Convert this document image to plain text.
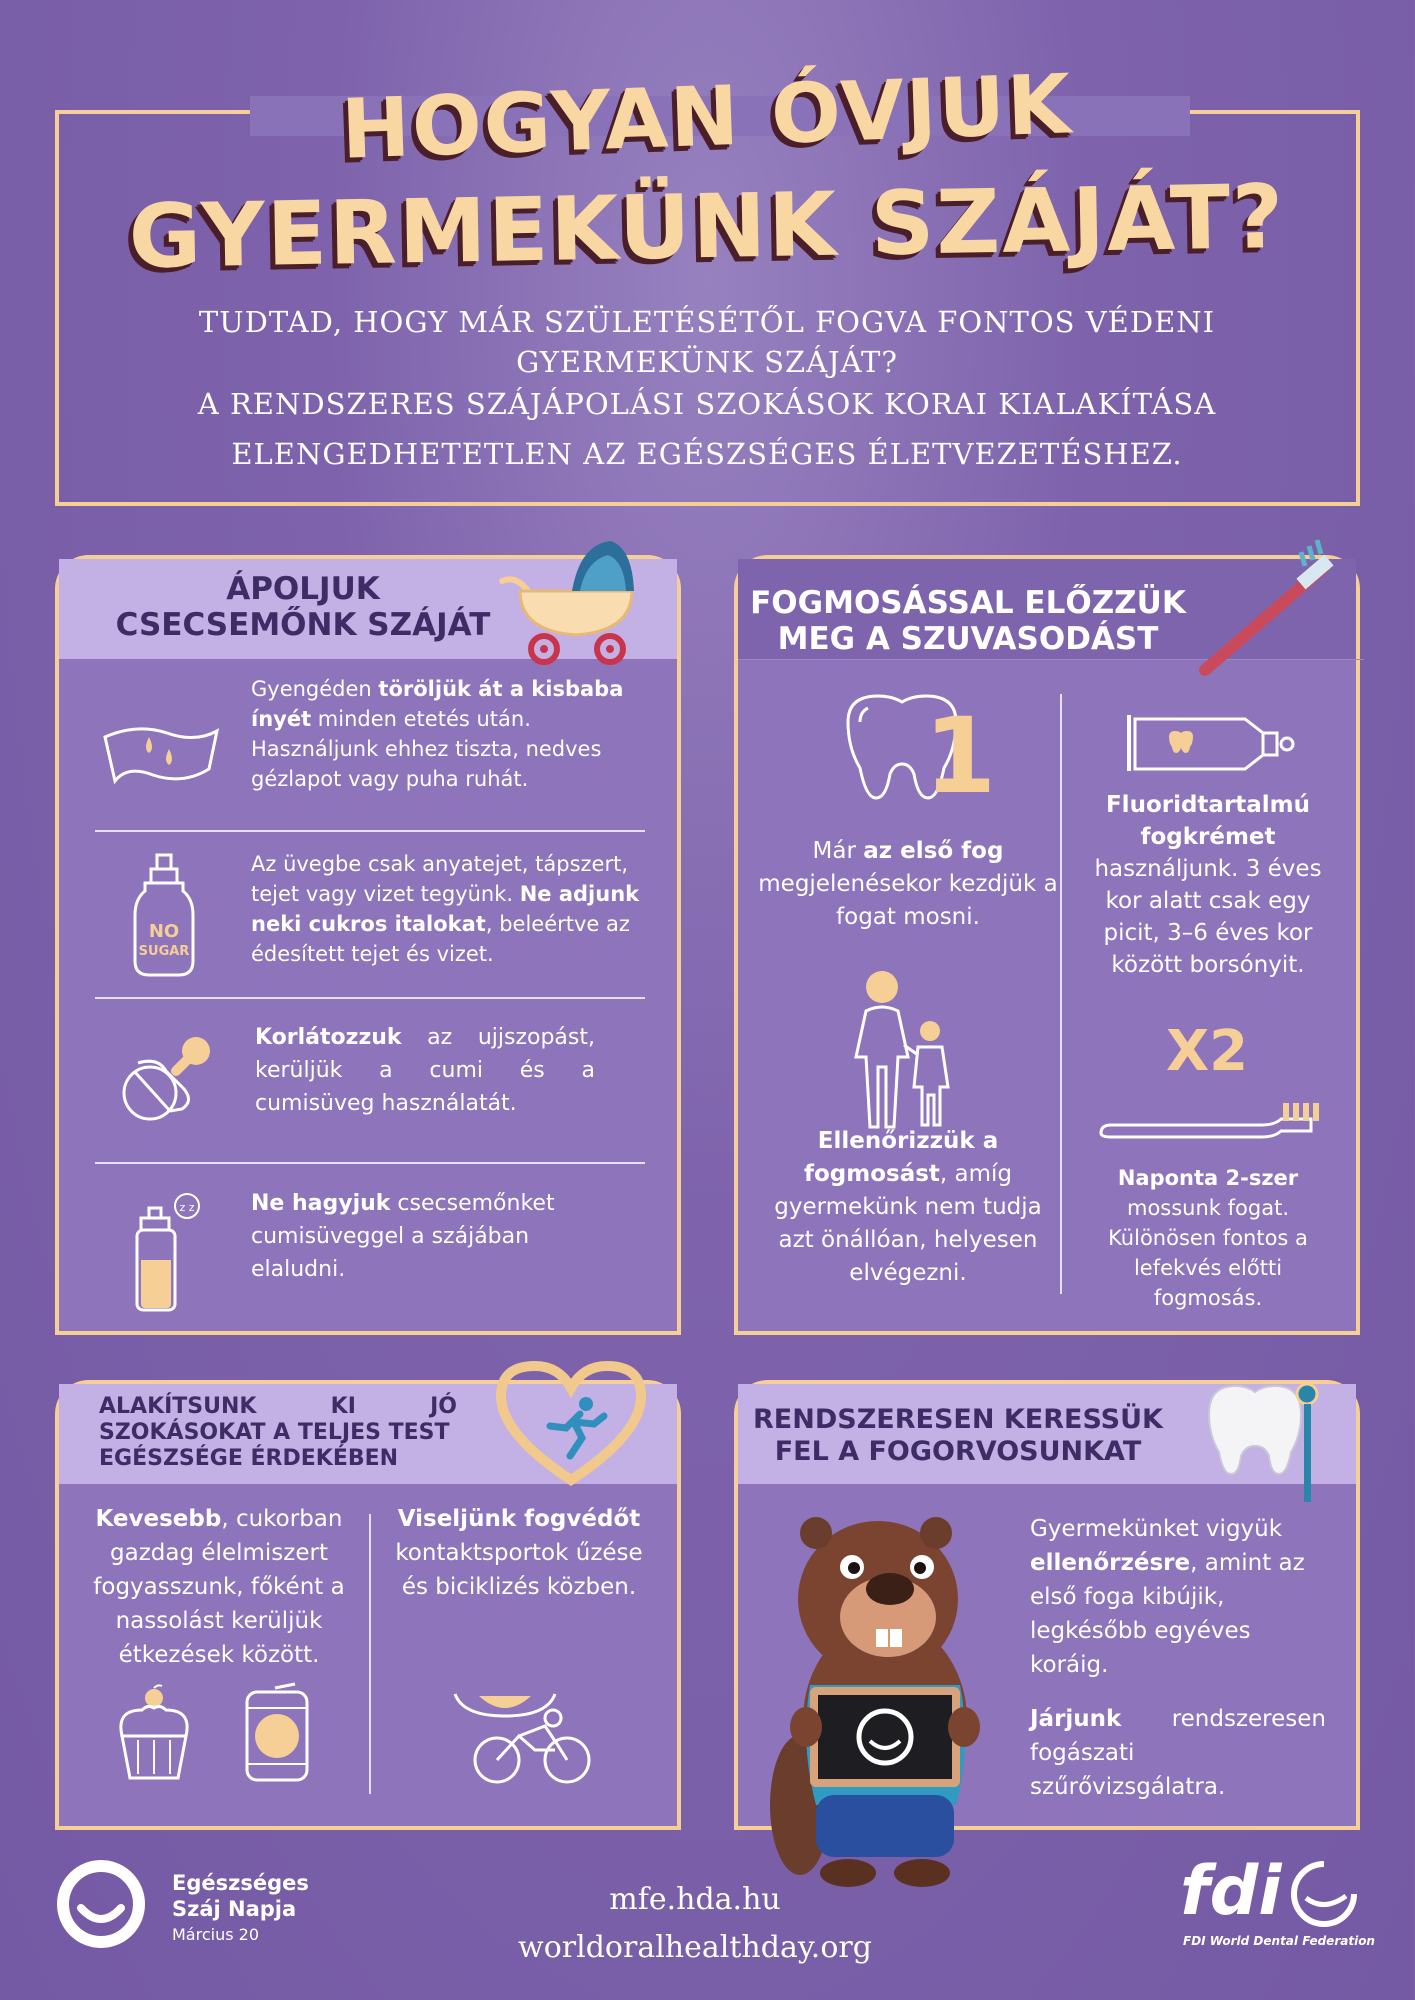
HOGYAN ÓVJUK
GYERMEKÜNK SZÁJÁT?
TUDTAD, HOGY MÁR SZÜLETÉSÉTŐL FOGVA FONTOS VÉDENI
GYERMEKÜNK SZÁJÁT?
A RENDSZERES SZÁJÁPOLÁSI SZOKÁSOK KORAI KIALAKÍTÁSA
ELENGEDHETETLEN AZ EGÉSZSÉGES ÉLETVEZETÉSHEZ.
ÁPOLJUK
CSECSEMŐNK SZÁJÁT
Gyengéden töröljük át a kisbaba ínyét minden etetés után. Használjunk ehhez tiszta, nedves gézlapot vagy puha ruhát.
Az üvegbe csak anyatejet, tápszert, tejet vagy vizet tegyünk. Ne adjunk neki cukros italokat, beleértve az édesített tejet és vizet.
Korlátozzuk az ujjszopást, kerüljük a cumi és a cumisüveg használatát.
Ne hagyjuk csecsemőnket cumisüveggel a szájában elaludni.
NO
SUGAR
z z
FOGMOSÁSSAL ELŐZZÜK
MEG A SZUVASODÁST
1
Már az első fog megjelenésekor kezdjük a fogat mosni.
Fluoridtartalmú fogkrémet
használjunk. 3 éves kor alatt csak egy picit, 3–6 éves kor között borsónyit.
Ellenőrizzük a fogmosást, amíg gyermekünk nem tudja azt önállóan, helyesen elvégezni.
X2
Naponta 2-szer
mossunk fogat. Különösen fontos a lefekvés előtti fogmosás.
ALAKÍTSUNK KI JÓ
SZOKÁSOKAT A TELJES TEST
EGÉSZSÉGE ÉRDEKÉBEN
Kevesebb, cukorban gazdag élelmiszert fogyasszunk, főként a nassolást kerüljük étkezések között.
Viseljünk fogvédőt
kontaktsportok űzése és biciklizés közben.
RENDSZERESEN KERESSÜK
FEL A FOGORVOSUNKAT
Gyermekünket vigyük ellenőrzésre, amint az első foga kibújik, legkésőbb egyéves koráig.
Járjunk rendszeresen fogászati szűrővizsgálatra.
Egészséges
Száj Napja
Március 20
mfe.hda.hu
worldoralhealthday.org
fdi
FDI World Dental Federation
